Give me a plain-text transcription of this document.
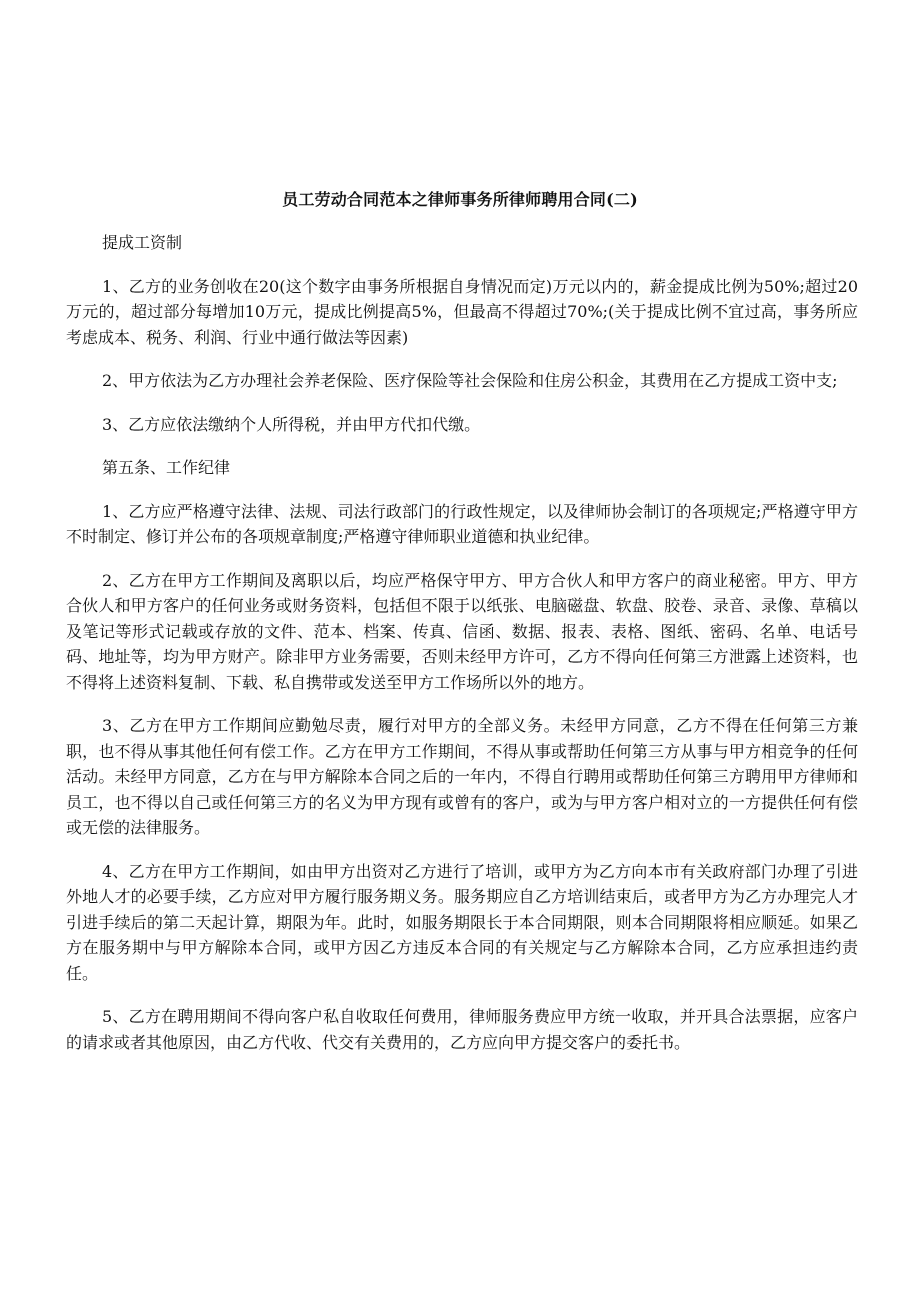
员工劳动合同范本之律师事务所律师聘用合同(二)

提成工资制

1、乙方的业务创收在20(这个数字由事务所根据自身情况而定)万元以内的，薪金提成比例为50%;超过20万元的，超过部分每增加10万元，提成比例提高5%，但最高不得超过70%;(关于提成比例不宜过高，事务所应考虑成本、税务、利润、行业中通行做法等因素)

2、甲方依法为乙方办理社会养老保险、医疗保险等社会保险和住房公积金，其费用在乙方提成工资中支;

3、乙方应依法缴纳个人所得税，并由甲方代扣代缴。

第五条、工作纪律

1、乙方应严格遵守法律、法规、司法行政部门的行政性规定，以及律师协会制订的各项规定;严格遵守甲方不时制定、修订并公布的各项规章制度;严格遵守律师职业道德和执业纪律。

2、乙方在甲方工作期间及离职以后，均应严格保守甲方、甲方合伙人和甲方客户的商业秘密。甲方、甲方合伙人和甲方客户的任何业务或财务资料，包括但不限于以纸张、电脑磁盘、软盘、胶卷、录音、录像、草稿以及笔记等形式记载或存放的文件、范本、档案、传真、信函、数据、报表、表格、图纸、密码、名单、电话号码、地址等，均为甲方财产。除非甲方业务需要，否则未经甲方许可，乙方不得向任何第三方泄露上述资料，也不得将上述资料复制、下载、私自携带或发送至甲方工作场所以外的地方。

3、乙方在甲方工作期间应勤勉尽责，履行对甲方的全部义务。未经甲方同意，乙方不得在任何第三方兼职，也不得从事其他任何有偿工作。乙方在甲方工作期间，不得从事或帮助任何第三方从事与甲方相竞争的任何活动。未经甲方同意，乙方在与甲方解除本合同之后的一年内，不得自行聘用或帮助任何第三方聘用甲方律师和员工，也不得以自己或任何第三方的名义为甲方现有或曾有的客户，或为与甲方客户相对立的一方提供任何有偿或无偿的法律服务。

4、乙方在甲方工作期间，如由甲方出资对乙方进行了培训，或甲方为乙方向本市有关政府部门办理了引进外地人才的必要手续，乙方应对甲方履行服务期义务。服务期应自乙方培训结束后，或者甲方为乙方办理完人才引进手续后的第二天起计算，期限为年。此时，如服务期限长于本合同期限，则本合同期限将相应顺延。如果乙方在服务期中与甲方解除本合同，或甲方因乙方违反本合同的有关规定与乙方解除本合同，乙方应承担违约责任。

5、乙方在聘用期间不得向客户私自收取任何费用，律师服务费应甲方统一收取，并开具合法票据，应客户的请求或者其他原因，由乙方代收、代交有关费用的，乙方应向甲方提交客户的委托书。
